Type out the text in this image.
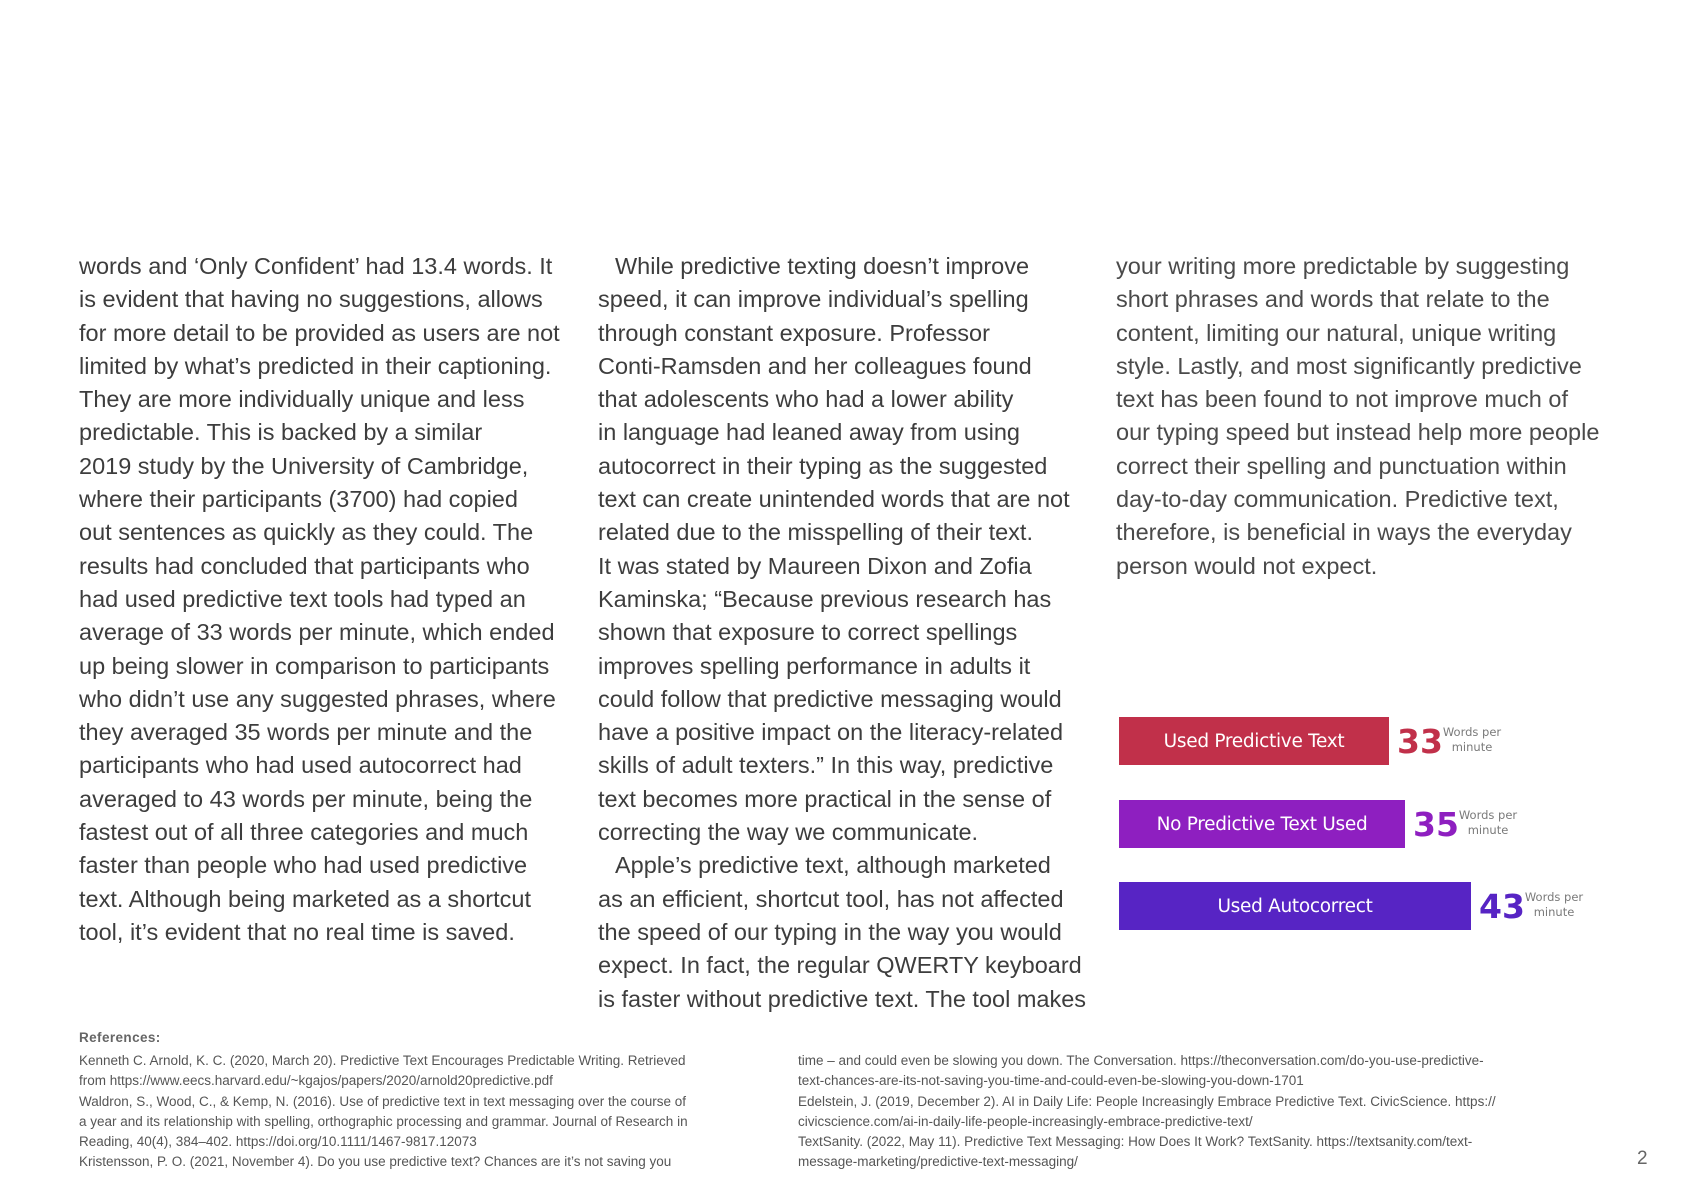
words and ‘Only Confident’ had 13.4 words. It
is evident that having no suggestions, allows
for more detail to be provided as users are not
limited by what’s predicted in their captioning.
They are more individually unique and less
predictable. This is backed by a similar
2019 study by the University of Cambridge,
where their participants (3700) had copied
out sentences as quickly as they could. The
results had concluded that participants who
had used predictive text tools had typed an
average of 33 words per minute, which ended
up being slower in comparison to participants
who didn’t use any suggested phrases, where
they averaged 35 words per minute and the
participants who had used autocorrect had
averaged to 43 words per minute, being the
fastest out of all three categories and much
faster than people who had used predictive
text. Although being marketed as a shortcut
tool, it’s evident that no real time is saved.
While predictive texting doesn’t improve
speed, it can improve individual’s spelling
through constant exposure. Professor
Conti-Ramsden and her colleagues found
that adolescents who had a lower ability
in language had leaned away from using
autocorrect in their typing as the suggested
text can create unintended words that are not
related due to the misspelling of their text.
It was stated by Maureen Dixon and Zofia
Kaminska; “Because previous research has
shown that exposure to correct spellings
improves spelling performance in adults it
could follow that predictive messaging would
have a positive impact on the literacy-related
skills of adult texters.” In this way, predictive
text becomes more practical in the sense of
correcting the way we communicate.
Apple’s predictive text, although marketed
as an efficient, shortcut tool, has not affected
the speed of our typing in the way you would
expect. In fact, the regular QWERTY keyboard
is faster without predictive text. The tool makes
your writing more predictable by suggesting
short phrases and words that relate to the
content, limiting our natural, unique writing
style. Lastly, and most significantly predictive
text has been found to not improve much of
our typing speed but instead help more people
correct their spelling and punctuation within
day-to-day communication. Predictive text,
therefore, is beneficial in ways the everyday
person would not expect.
Used Predictive Text 33 Words per
minute
No Predictive Text Used 35 Words per
minute
Used Autocorrect	43 Words per
minute
References:
Kenneth C. Arnold, K. C. (2020, March 20). Predictive Text Encourages Predictable Writing. Retrieved
from https://www.eecs.harvard.edu/~kgajos/papers/2020/arnold20predictive.pdf
Waldron, S., Wood, C., & Kemp, N. (2016). Use of predictive text in text messaging over the course of
a year and its relationship with spelling, orthographic processing and grammar. Journal of Research in
Reading, 40(4), 384–402. https://doi.org/10.1111/1467-9817.12073
Kristensson, P. O. (2021, November 4). Do you use predictive text? Chances are it’s not saving you
time – and could even be slowing you down. The Conversation. https://theconversation.com/do-you-use-predictive-
text-chances-are-its-not-saving-you-time-and-could-even-be-slowing-you-down-1701
Edelstein, J. (2019, December 2). AI in Daily Life: People Increasingly Embrace Predictive Text. CivicScience. https://
civicscience.com/ai-in-daily-life-people-increasingly-embrace-predictive-text/
TextSanity. (2022, May 11). Predictive Text Messaging: How Does It Work? TextSanity. https://textsanity.com/text-
message-marketing/predictive-text-messaging/	2
